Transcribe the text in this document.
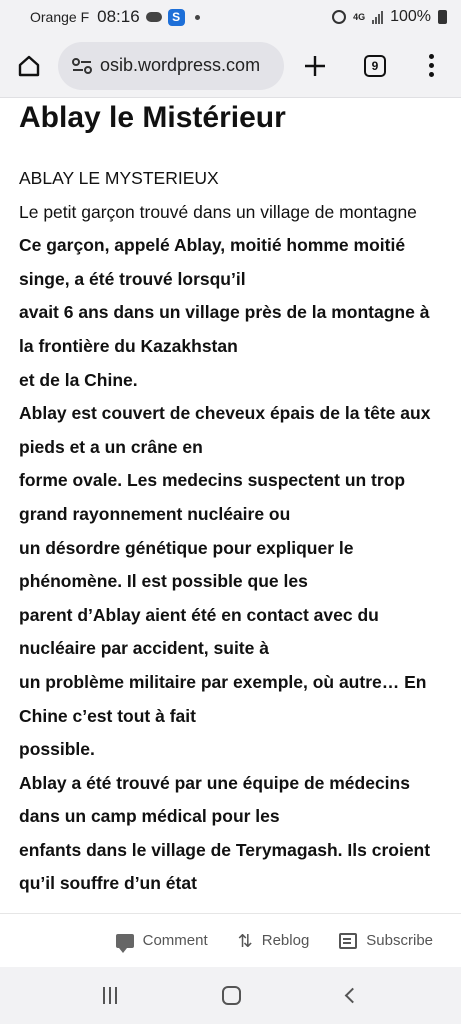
Orange F 08:16	S	4G 100%
osib.wordpress.com	9
Ablay le Mistérieur
ABLAY LE MYSTERIEUX
Le petit garçon trouvé dans un village de montagne
Ce garçon, appelé Ablay, moitié homme moitié singe, a été trouvé lorsqu’il
avait 6 ans dans un village près de la montagne à la frontière du Kazakhstan
et de la Chine.
Ablay est couvert de cheveux épais de la tête aux pieds et a un crâne en
forme ovale. Les medecins suspectent un trop grand rayonnement nucléaire ou
un désordre génétique pour expliquer le phénomène. Il est possible que les
parent d’Ablay aient été en contact avec du nucléaire par accident, suite à
un problème militaire par exemple, où autre… En Chine c’est tout à fait
possible.
Ablay a été trouvé par une équipe de médecins dans un camp médical pour les
enfants dans le village de Terymagash. Ils croient qu’il souffre d’un état
Comment ⇅ Reblog	Subscribe
